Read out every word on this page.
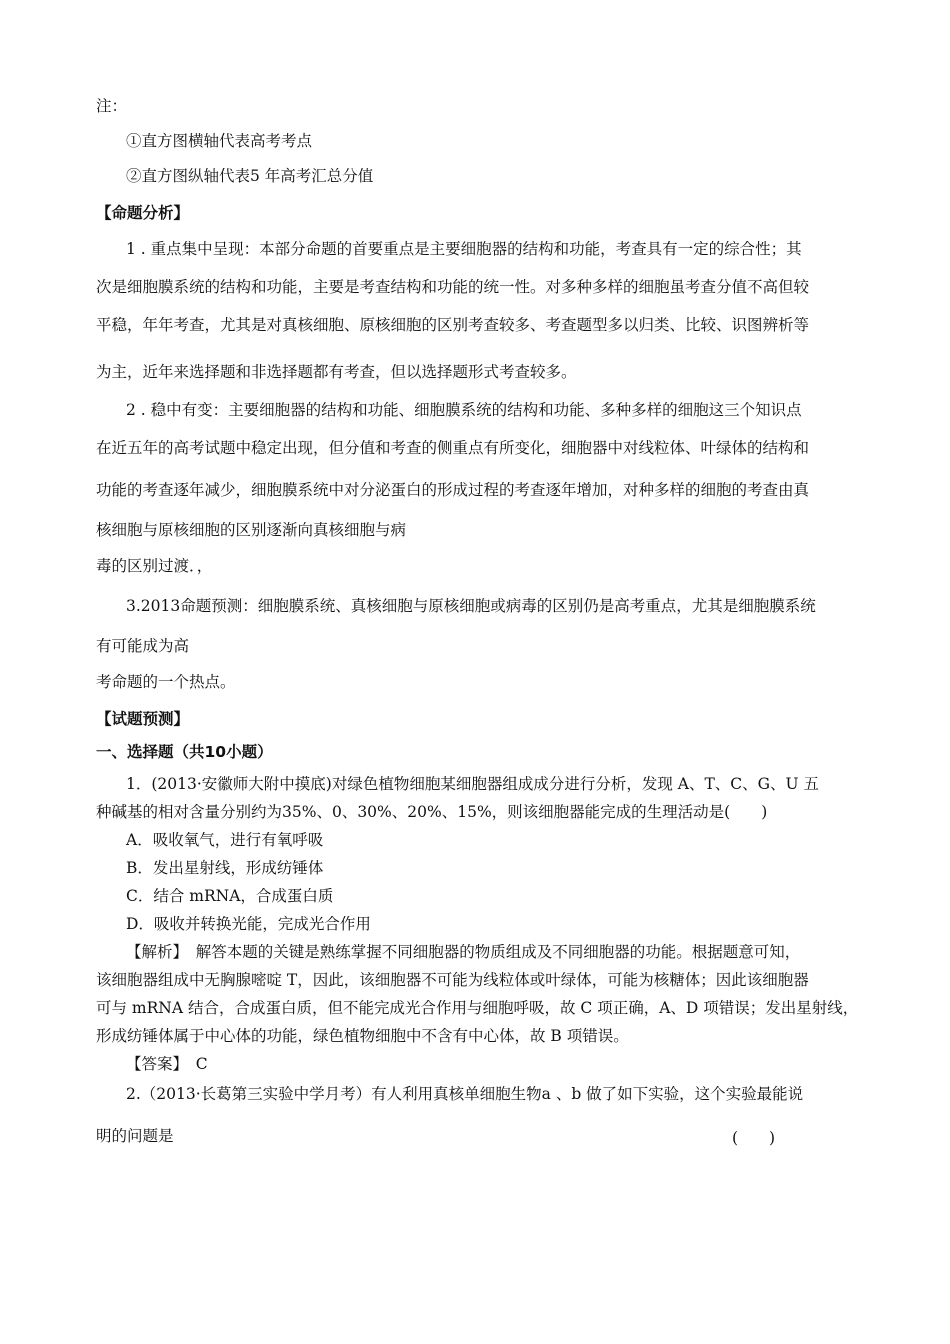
注：
①直方图横轴代表高考考点
②直方图纵轴代表5 年高考汇总分值
【命题分析】
1 . 重点集中呈现：本部分命题的首要重点是主要细胞器的结构和功能，考查具有一定的综合性；其
次是细胞膜系统的结构和功能，主要是考查结构和功能的统一性。对多种多样的细胞虽考查分值不高但较
平稳，年年考查，尤其是对真核细胞、原核细胞的区别考查较多、考查题型多以归类、比较、识图辨析等
为主，近年来选择题和非选择题都有考查，但以选择题形式考查较多。
2 . 稳中有变：主要细胞器的结构和功能、细胞膜系统的结构和功能、多种多样的细胞这三个知识点
在近五年的高考试题中稳定出现，但分值和考查的侧重点有所变化，细胞器中对线粒体、叶绿体的结构和
功能的考查逐年减少，细胞膜系统中对分泌蛋白的形成过程的考查逐年增加，对种多样的细胞的考查由真
核细胞与原核细胞的区别逐渐向真核细胞与病
毒的区别过渡．，
3.2013命题预测：细胞膜系统、真核细胞与原核细胞或病毒的区别仍是高考重点，尤其是细胞膜系统
有可能成为高
考命题的一个热点。
【试题预测】
一、选择题（共10小题）
1．(2013·安徽师大附中摸底)对绿色植物细胞某细胞器组成成分进行分析，发现 A、T、C、G、U 五
种碱基的相对含量分别约为35%、0、30%、20%、15%，则该细胞器能完成的生理活动是(　　)
A．吸收氧气，进行有氧呼吸
B．发出星射线，形成纺锤体
C．结合 mRNA，合成蛋白质
D．吸收并转换光能，完成光合作用
【解析】　解答本题的关键是熟练掌握不同细胞器的物质组成及不同细胞器的功能。根据题意可知，
该细胞器组成中无胸腺嘧啶 T，因此，该细胞器不可能为线粒体或叶绿体，可能为核糖体；因此该细胞器
可与 mRNA 结合，合成蛋白质，但不能完成光合作用与细胞呼吸，故 C 项正确，A、D 项错误；发出星射线，
形成纺锤体属于中心体的功能，绿色植物细胞中不含有中心体，故 B 项错误。
【答案】　C
2.（2013·长葛第三实验中学月考）有人利用真核单细胞生物a 、b 做了如下实验，这个实验最能说
明的问题是	(　　)
